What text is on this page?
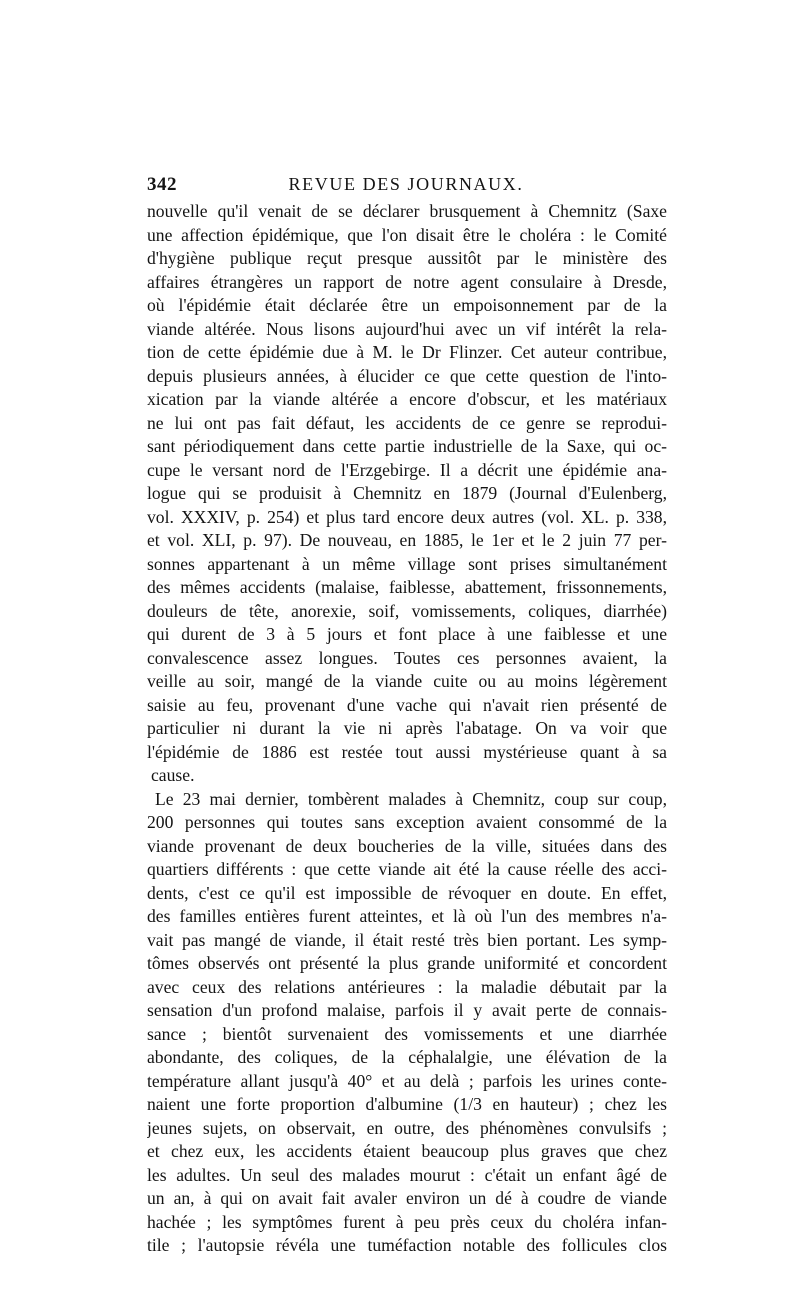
342	REVUE DES JOURNAUX.
nouvelle qu'il venait de se déclarer brusquement à Chemnitz (Saxe
une affection épidémique, que l'on disait être le choléra : le Comité
d'hygiène publique reçut presque aussitôt par le ministère des
affaires étrangères un rapport de notre agent consulaire à Dresde,
où l'épidémie était déclarée être un empoisonnement par de la
viande altérée. Nous lisons aujourd'hui avec un vif intérêt la rela-
tion de cette épidémie due à M. le Dr Flinzer. Cet auteur contribue,
depuis plusieurs années, à élucider ce que cette question de l'into-
xication par la viande altérée a encore d'obscur, et les matériaux
ne lui ont pas fait défaut, les accidents de ce genre se reprodui-
sant périodiquement dans cette partie industrielle de la Saxe, qui oc-
cupe le versant nord de l'Erzgebirge. Il a décrit une épidémie ana-
logue qui se produisit à Chemnitz en 1879 (Journal d'Eulenberg,
vol. XXXIV, p. 254) et plus tard encore deux autres (vol. XL. p. 338,
et vol. XLI, p. 97). De nouveau, en 1885, le 1er et le 2 juin 77 per-
sonnes appartenant à un même village sont prises simultanément
des mêmes accidents (malaise, faiblesse, abattement, frissonnements,
douleurs de tête, anorexie, soif, vomissements, coliques, diarrhée)
qui durent de 3 à 5 jours et font place à une faiblesse et une
convalescence assez longues. Toutes ces personnes avaient, la
veille au soir, mangé de la viande cuite ou au moins légèrement
saisie au feu, provenant d'une vache qui n'avait rien présenté de
particulier ni durant la vie ni après l'abatage. On va voir que
l'épidémie de 1886 est restée tout aussi mystérieuse quant à sa
cause.
Le 23 mai dernier, tombèrent malades à Chemnitz, coup sur coup,
200 personnes qui toutes sans exception avaient consommé de la
viande provenant de deux boucheries de la ville, situées dans des
quartiers différents : que cette viande ait été la cause réelle des acci-
dents, c'est ce qu'il est impossible de révoquer en doute. En effet,
des familles entières furent atteintes, et là où l'un des membres n'a-
vait pas mangé de viande, il était resté très bien portant. Les symp-
tômes observés ont présenté la plus grande uniformité et concordent
avec ceux des relations antérieures : la maladie débutait par la
sensation d'un profond malaise, parfois il y avait perte de connais-
sance ; bientôt survenaient des vomissements et une diarrhée
abondante, des coliques, de la céphalalgie, une élévation de la
température allant jusqu'à 40° et au delà ; parfois les urines conte-
naient une forte proportion d'albumine (1/3 en hauteur) ; chez les
jeunes sujets, on observait, en outre, des phénomènes convulsifs ;
et chez eux, les accidents étaient beaucoup plus graves que chez
les adultes. Un seul des malades mourut : c'était un enfant âgé de
un an, à qui on avait fait avaler environ un dé à coudre de viande
hachée ; les symptômes furent à peu près ceux du choléra infan-
tile ; l'autopsie révéla une tuméfaction notable des follicules clos
